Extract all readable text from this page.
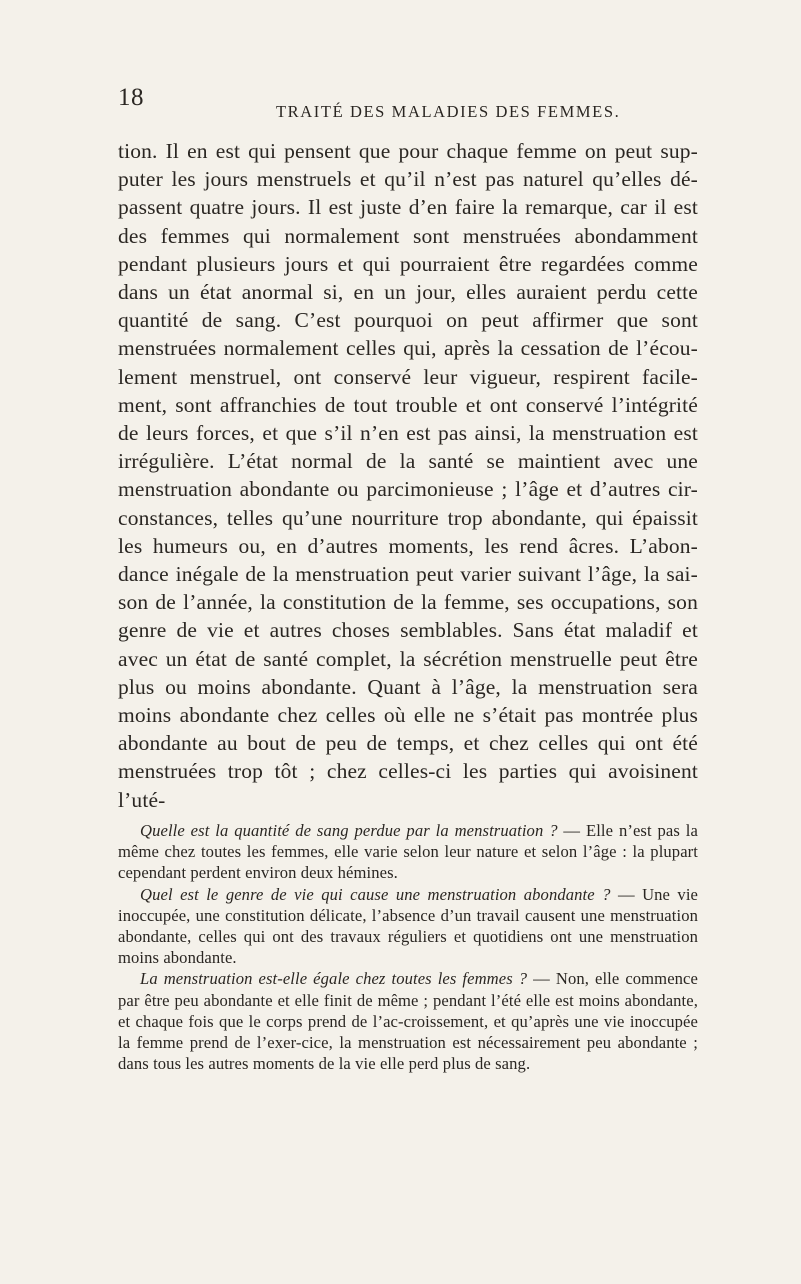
18
TRAITÉ DES MALADIES DES FEMMES.

tion. Il en est qui pensent que pour chaque femme on peut sup-puter les jours menstruels et qu’il n’est pas naturel qu’elles dé-passent quatre jours. Il est juste d’en faire la remarque, car il est des femmes qui normalement sont menstruées abondamment pendant plusieurs jours et qui pourraient être regardées comme dans un état anormal si, en un jour, elles auraient perdu cette quantité de sang. C’est pourquoi on peut affirmer que sont menstruées normalement celles qui, après la cessation de l’écou-lement menstruel, ont conservé leur vigueur, respirent facile-ment, sont affranchies de tout trouble et ont conservé l’intégrité de leurs forces, et que s’il n’en est pas ainsi, la menstruation est irrégulière. L’état normal de la santé se maintient avec une menstruation abondante ou parcimonieuse ; l’âge et d’autres cir-constances, telles qu’une nourriture trop abondante, qui épaissit les humeurs ou, en d’autres moments, les rend âcres. L’abon-dance inégale de la menstruation peut varier suivant l’âge, la sai-son de l’année, la constitution de la femme, ses occupations, son genre de vie et autres choses semblables. Sans état maladif et avec un état de santé complet, la sécrétion menstruelle peut être plus ou moins abondante. Quant à l’âge, la menstruation sera moins abondante chez celles où elle ne s’était pas montrée plus abondante au bout de peu de temps, et chez celles qui ont été menstruées trop tôt ; chez celles-ci les parties qui avoisinent l’uté-

Quelle est la quantité de sang perdue par la menstruation ? — Elle n’est pas la même chez toutes les femmes, elle varie selon leur nature et selon l’âge : la plupart cependant perdent environ deux hémines.

Quel est le genre de vie qui cause une menstruation abondante ? — Une vie inoccupée, une constitution délicate, l’absence d’un travail causent une menstruation abondante, celles qui ont des travaux réguliers et quotidiens ont une menstruation moins abondante.

La menstruation est-elle égale chez toutes les femmes ? — Non, elle commence par être peu abondante et elle finit de même ; pendant l’été elle est moins abondante, et chaque fois que le corps prend de l’ac-croissement, et qu’après une vie inoccupée la femme prend de l’exer-cice, la menstruation est nécessairement peu abondante ; dans tous les autres moments de la vie elle perd plus de sang.
